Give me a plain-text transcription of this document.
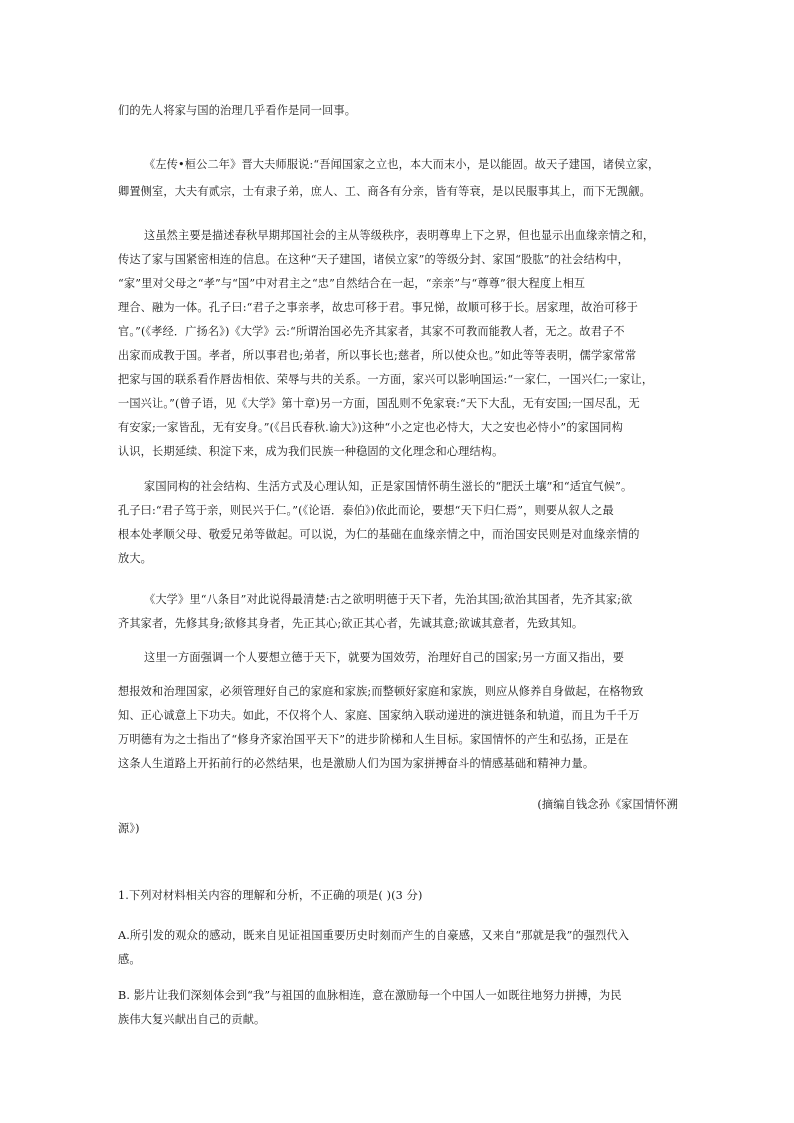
们的先人将家与国的治理几乎看作是同一回事。
《左传•桓公二年》晋大夫师服说:“吾闻国家之立也，本大而末小，是以能固。故天子建国，诸侯立家，
卿置侧室，大夫有贰宗，士有隶子弟，庶人、工、商各有分亲，皆有等衰，是以民服事其上，而下无觊觎。
这虽然主要是描述春秋早期邦国社会的主从等级秩序，表明尊卑上下之界，但也显示出血缘亲情之和，
传达了家与国紧密相连的信息。在这种“天子建国，诸侯立家”的等级分封、家国“股肱”的社会结构中，
“家”里对父母之“孝”与“国”中对君主之“忠”自然结合在一起，“亲亲”与“尊尊”很大程度上相互
理合、融为一体。孔子曰:“君子之事亲孝，故忠可移于君。事兄悌，故顺可移于长。居家理，故治可移于
官。”(《孝经．广扬名》)《大学》云:“所谓治国必先齐其家者，其家不可教而能教人者，无之。故君子不
出家而成教于国。孝者，所以事君也;弟者，所以事长也;慈者，所以使众也。”如此等等表明，儒学家常常
把家与国的联系看作唇齿相依、荣辱与共的关系。一方面，家兴可以影响国运:“一家仁，一国兴仁;一家让，
一国兴让。”(曾子语，见《大学》第十章)另一方面，国乱则不免家衰:“天下大乱，无有安国;一国尽乱，无
有安家;一家皆乱，无有安身。”(《吕氏春秋.谕大》)这种“小之定也必恃大，大之安也必恃小”的家国同构
认识，长期延续、积淀下来，成为我们民族一种稳固的文化理念和心理结构。
家国同构的社会结构、生活方式及心理认知，正是家国情怀萌生滋长的“肥沃土壤”和“适宜气候”。
孔子曰:“君子笃于亲，则民兴于仁。”(《论语．泰伯》)依此而论，要想“天下归仁焉”，则要从叙人之最
根本处孝顺父母、敬爱兄弟等做起。可以说，为仁的基础在血缘亲情之中，而治国安民则是对血缘亲情的
放大。
《大学》里“八条目”对此说得最清楚:古之欲明明德于天下者，先治其国;欲治其国者，先齐其家;欲
齐其家者，先修其身;欲修其身者，先正其心;欲正其心者，先诚其意;欲诚其意者，先致其知。
这里一方面强调一个人要想立德于天下，就要为国效劳，治理好自己的国家;另一方面又指出，要
想报效和治理国家，必须管理好自己的家庭和家族;而整顿好家庭和家族，则应从修养自身做起，在格物致
知、正心诚意上下功夫。如此，不仅将个人、家庭、国家纳入联动递进的演进链条和轨道，而且为千千万
万明德有为之士指出了“修身齐家治国平天下”的进步阶梯和人生目标。家国情怀的产生和弘扬，正是在
这条人生道路上开拓前行的必然结果，也是激励人们为国为家拼搏奋斗的情感基础和精神力量。
(摘编自钱念孙《家国情怀溯
源》)
1.下列对材料相关内容的理解和分析，不正确的项是( )(3 分)
A.所引发的观众的感动，既来自见证祖国重要历史时刻而产生的自豪感，又来自“那就是我”的强烈代入
感。
B. 影片让我们深刻体会到“我”与祖国的血脉相连，意在激励每一个中国人一如既往地努力拼搏，为民
族伟大复兴献出自己的贡献。
